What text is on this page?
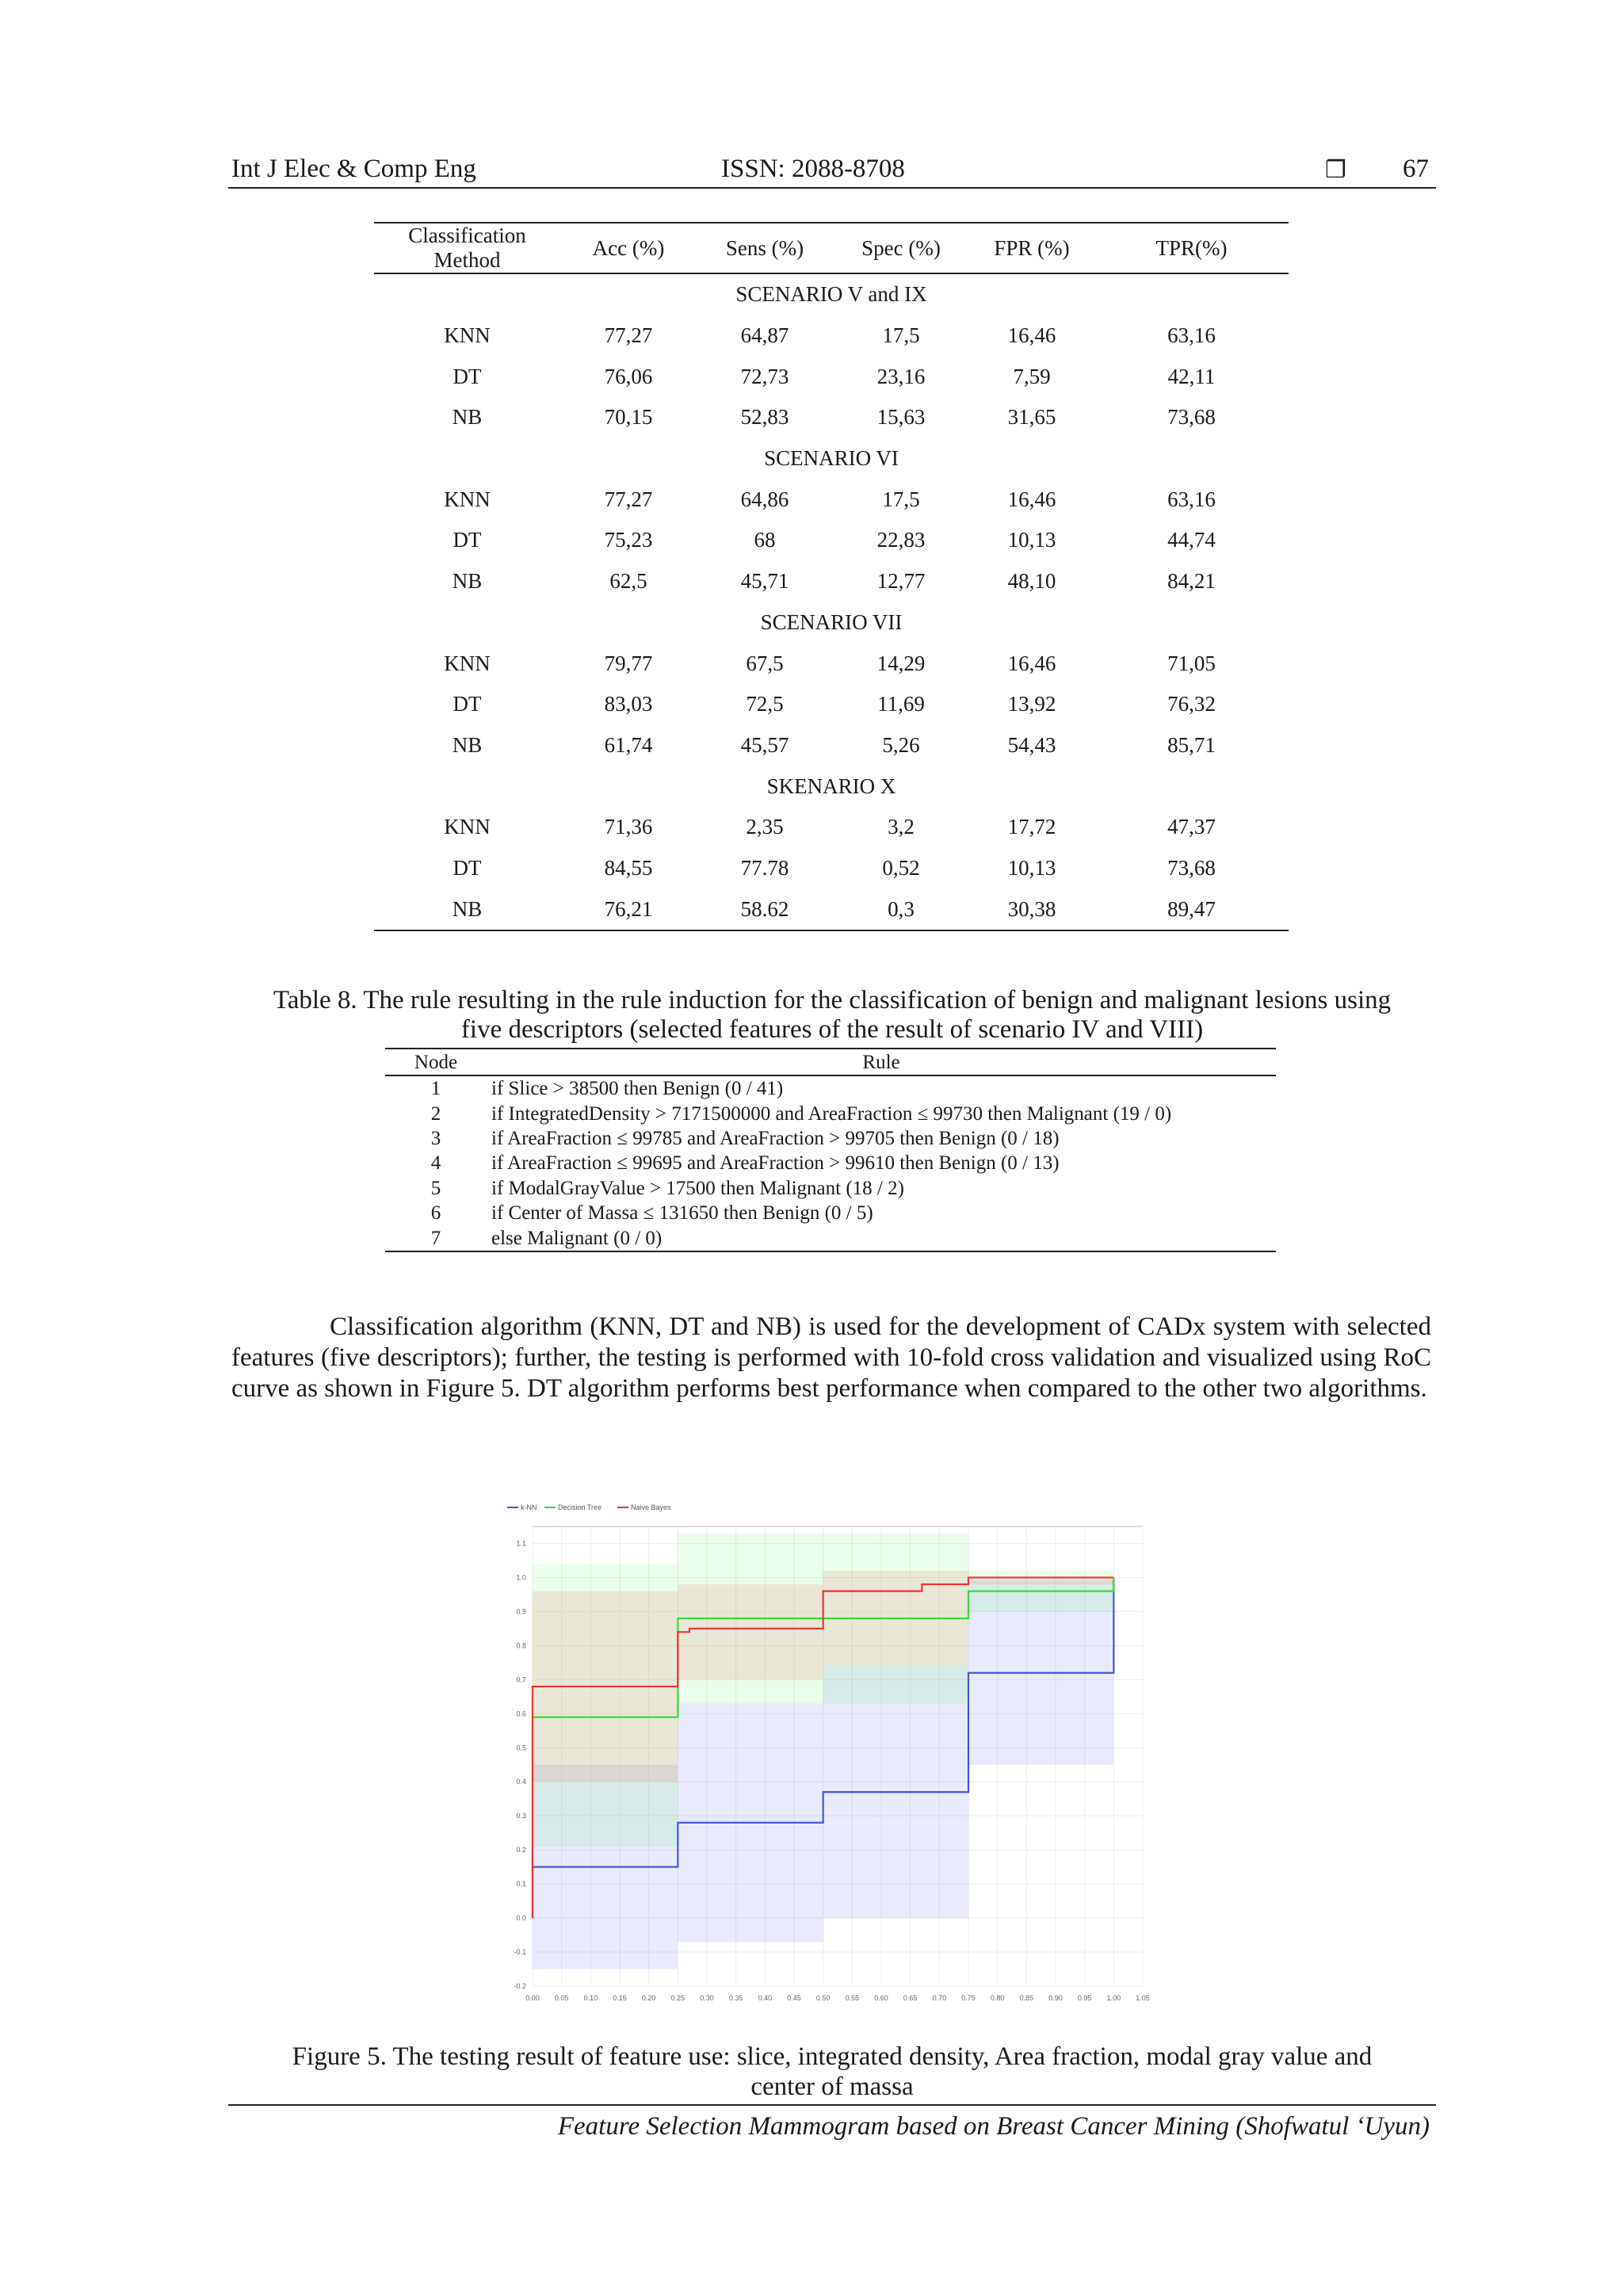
Int J Elec & Comp Eng	ISSN: 2088-8708	❐ 67
Classification Method	Acc (%)	Sens (%)	Spec (%)	FPR (%)	TPR(%)
SCENARIO V and IX					
KNN	77,27	64,87	17,5	16,46	63,16
DT	76,06	72,73	23,16	7,59	42,11
NB	70,15	52,83	15,63	31,65	73,68
SCENARIO VI					
KNN	77,27	64,86	17,5	16,46	63,16
DT	75,23	68	22,83	10,13	44,74
NB	62,5	45,71	12,77	48,10	84,21
SCENARIO VII					
KNN	79,77	67,5	14,29	16,46	71,05
DT	83,03	72,5	11,69	13,92	76,32
NB	61,74	45,57	5,26	54,43	85,71
SKENARIO X					
KNN	71,36	2,35	3,2	17,72	47,37
DT	84,55	77.78	0,52	10,13	73,68
NB	76,21	58.62	0,3	30,38	89,47
Table 8. The rule resulting in the rule induction for the classification of benign and malignant lesions using
five descriptors (selected features of the result of scenario IV and VIII)
Node	Rule
1	if Slice > 38500 then Benign (0 / 41)
2	if IntegratedDensity > 7171500000 and AreaFraction ≤ 99730 then Malignant (19 / 0)
3	if AreaFraction ≤ 99785 and AreaFraction > 99705 then Benign (0 / 18)
4	if AreaFraction ≤ 99695 and AreaFraction > 99610 then Benign (0 / 13)
5	if ModalGrayValue > 17500 then Malignant (18 / 2)
6	if Center of Massa ≤ 131650 then Benign (0 / 5)
7	else Malignant (0 / 0)
Classification algorithm (KNN, DT and NB) is used for the development of CADx system with selected features (five descriptors); further, the testing is performed with 10-fold cross validation and visualized using RoC curve as shown in Figure 5. DT algorithm performs best performance when compared to the other two algorithms.
0.00 0.05 0.10 0.15 0.20 0.25 0.30 0.35 0.40 0.45 0.50 0.55 0.60 0.65 0.70 0.75 0.80 0.85 0.90 0.95 1.00 1.05
1.1
1.0
0.9
0.8
0.7
0.6
0.5
0.4
0.3
0.2
0.1
0.0
-0.1
-0.2
k-NN	Decision Tree	Naive Bayes
Figure 5. The testing result of feature use: slice, integrated density, Area fraction, modal gray value and
center of massa
Feature Selection Mammogram based on Breast Cancer Mining (Shofwatul ‘Uyun)
